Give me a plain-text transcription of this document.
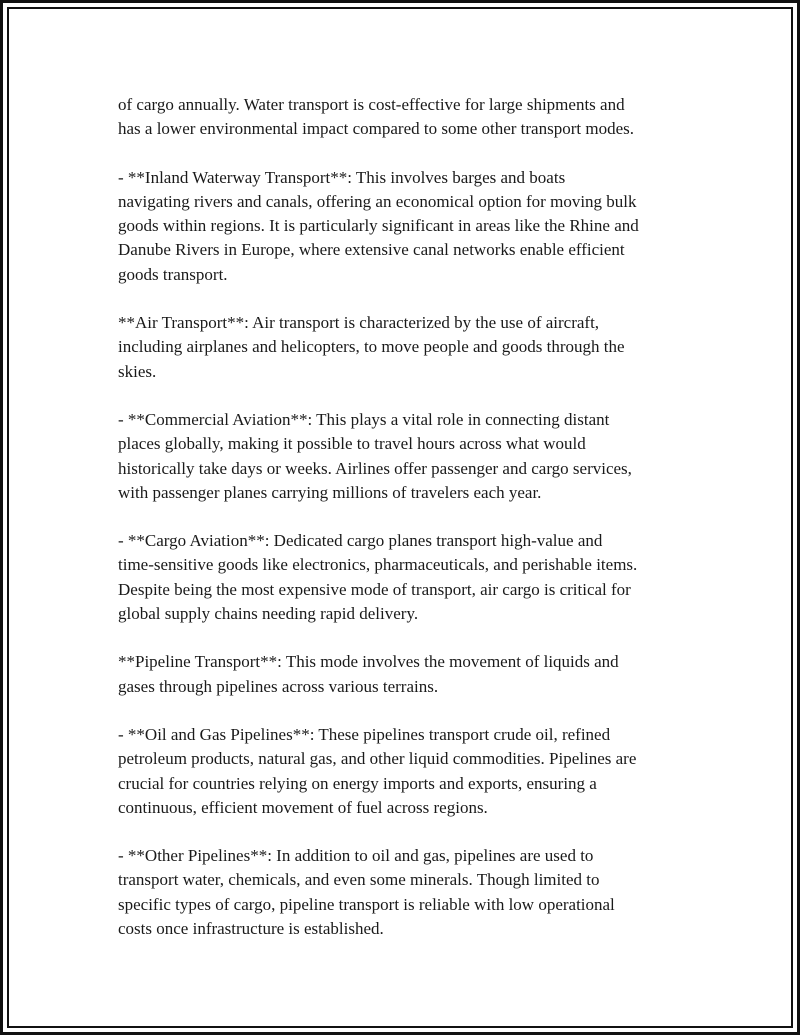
of cargo annually. Water transport is cost-effective for large shipments and
has a lower environmental impact compared to some other transport modes.

- **Inland Waterway Transport**: This involves barges and boats
navigating rivers and canals, offering an economical option for moving bulk
goods within regions. It is particularly significant in areas like the Rhine and
Danube Rivers in Europe, where extensive canal networks enable efficient
goods transport.

**Air Transport**: Air transport is characterized by the use of aircraft,
including airplanes and helicopters, to move people and goods through the
skies.

- **Commercial Aviation**: This plays a vital role in connecting distant
places globally, making it possible to travel hours across what would
historically take days or weeks. Airlines offer passenger and cargo services,
with passenger planes carrying millions of travelers each year.

- **Cargo Aviation**: Dedicated cargo planes transport high-value and
time-sensitive goods like electronics, pharmaceuticals, and perishable items.
Despite being the most expensive mode of transport, air cargo is critical for
global supply chains needing rapid delivery.

**Pipeline Transport**: This mode involves the movement of liquids and
gases through pipelines across various terrains.

- **Oil and Gas Pipelines**: These pipelines transport crude oil, refined
petroleum products, natural gas, and other liquid commodities. Pipelines are
crucial for countries relying on energy imports and exports, ensuring a
continuous, efficient movement of fuel across regions.

- **Other Pipelines**: In addition to oil and gas, pipelines are used to
transport water, chemicals, and even some minerals. Though limited to
specific types of cargo, pipeline transport is reliable with low operational
costs once infrastructure is established.
